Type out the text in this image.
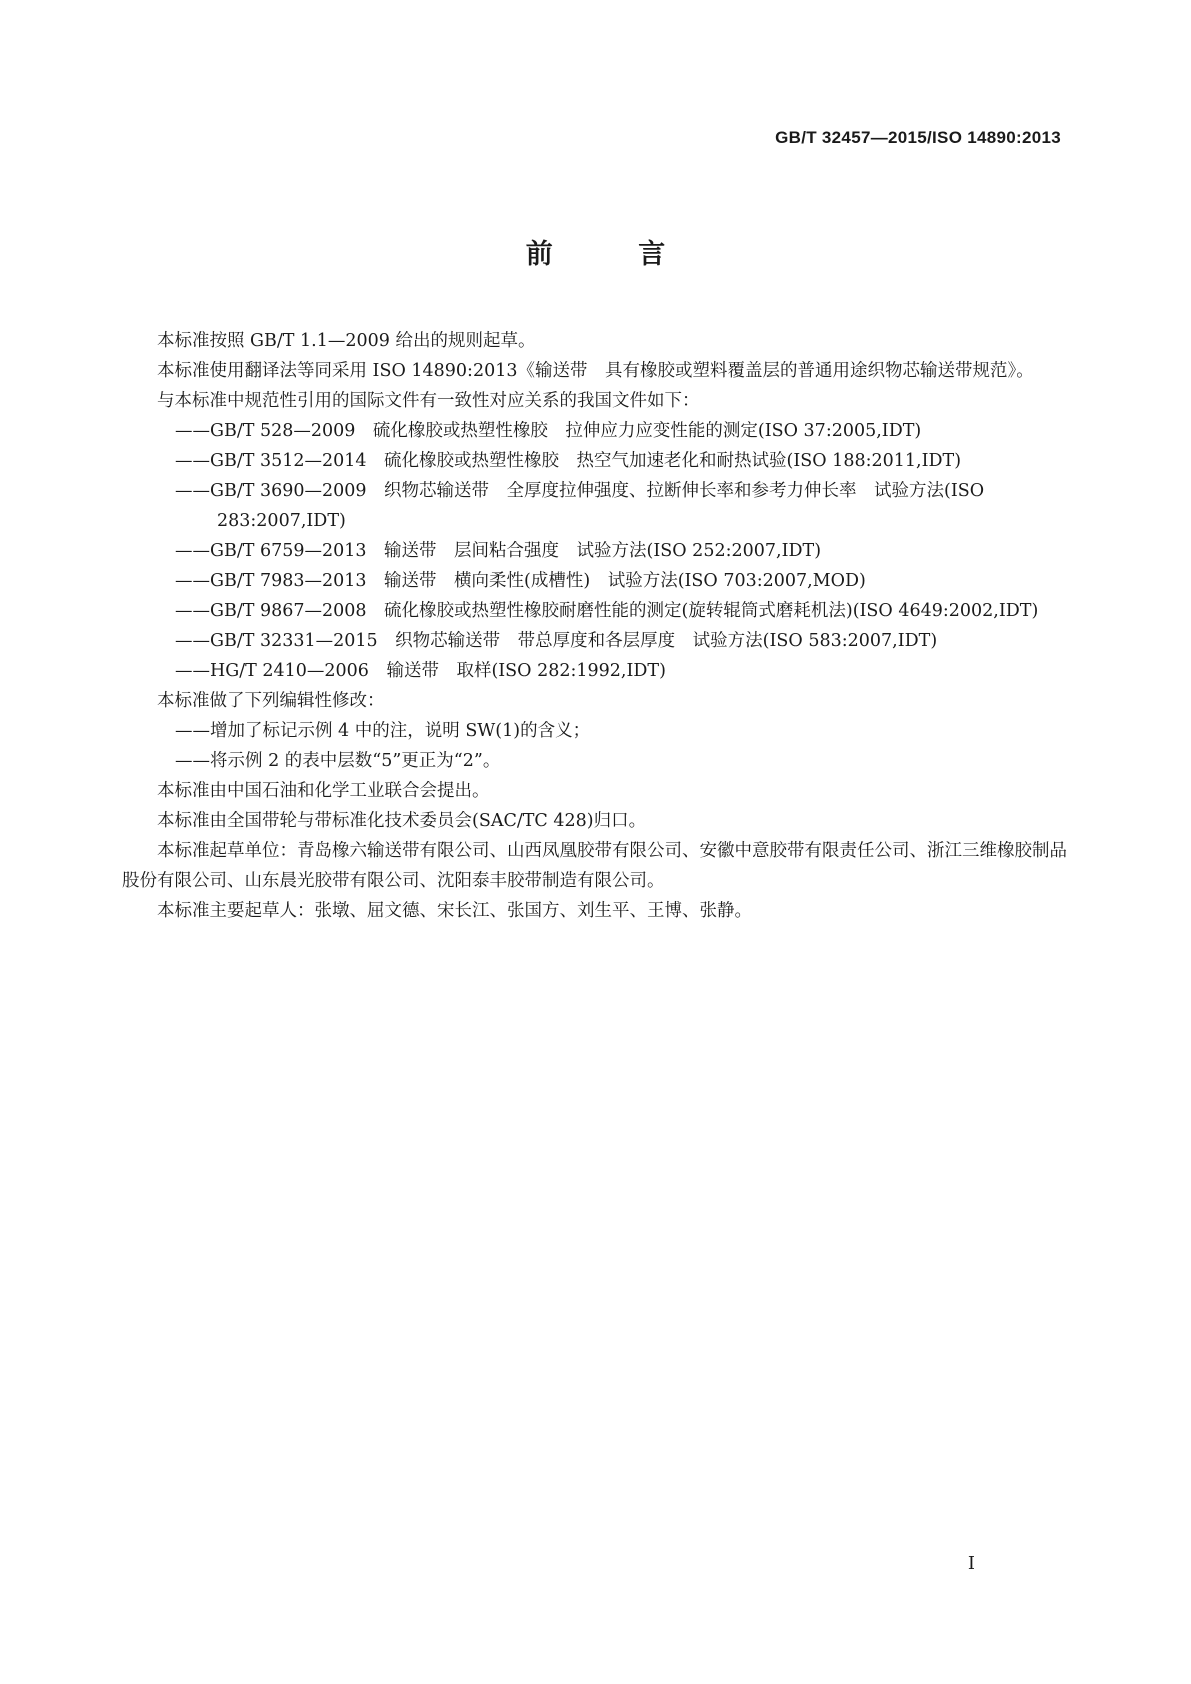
GB/T 32457—2015/ISO 14890:2013
前 言

本标准按照 GB/T 1.1—2009 给出的规则起草。

本标准使用翻译法等同采用 ISO 14890:2013《输送带　具有橡胶或塑料覆盖层的普通用途织物芯输送带规范》。

与本标准中规范性引用的国际文件有一致性对应关系的我国文件如下：

——GB/T 528—2009　硫化橡胶或热塑性橡胶　拉伸应力应变性能的测定(ISO 37:2005,IDT)

——GB/T 3512—2014　硫化橡胶或热塑性橡胶　热空气加速老化和耐热试验(ISO 188:2011,IDT)

——GB/T 3690—2009　织物芯输送带　全厚度拉伸强度、拉断伸长率和参考力伸长率　试验方法(ISO 283:2007,IDT)

——GB/T 6759—2013　输送带　层间粘合强度　试验方法(ISO 252:2007,IDT)

——GB/T 7983—2013　输送带　横向柔性(成槽性)　试验方法(ISO 703:2007,MOD)

——GB/T 9867—2008　硫化橡胶或热塑性橡胶耐磨性能的测定(旋转辊筒式磨耗机法)(ISO 4649:2002,IDT)

——GB/T 32331—2015　织物芯输送带　带总厚度和各层厚度　试验方法(ISO 583:2007,IDT)

——HG/T 2410—2006　输送带　取样(ISO 282:1992,IDT)

本标准做了下列编辑性修改：

——增加了标记示例 4 中的注，说明 SW(1)的含义；

——将示例 2 的表中层数“5”更正为“2”。

本标准由中国石油和化学工业联合会提出。

本标准由全国带轮与带标准化技术委员会(SAC/TC 428)归口。

本标准起草单位：青岛橡六输送带有限公司、山西凤凰胶带有限公司、安徽中意胶带有限责任公司、浙江三维橡胶制品股份有限公司、山东晨光胶带有限公司、沈阳泰丰胶带制造有限公司。

本标准主要起草人：张墩、屈文德、宋长江、张国方、刘生平、王博、张静。

I
